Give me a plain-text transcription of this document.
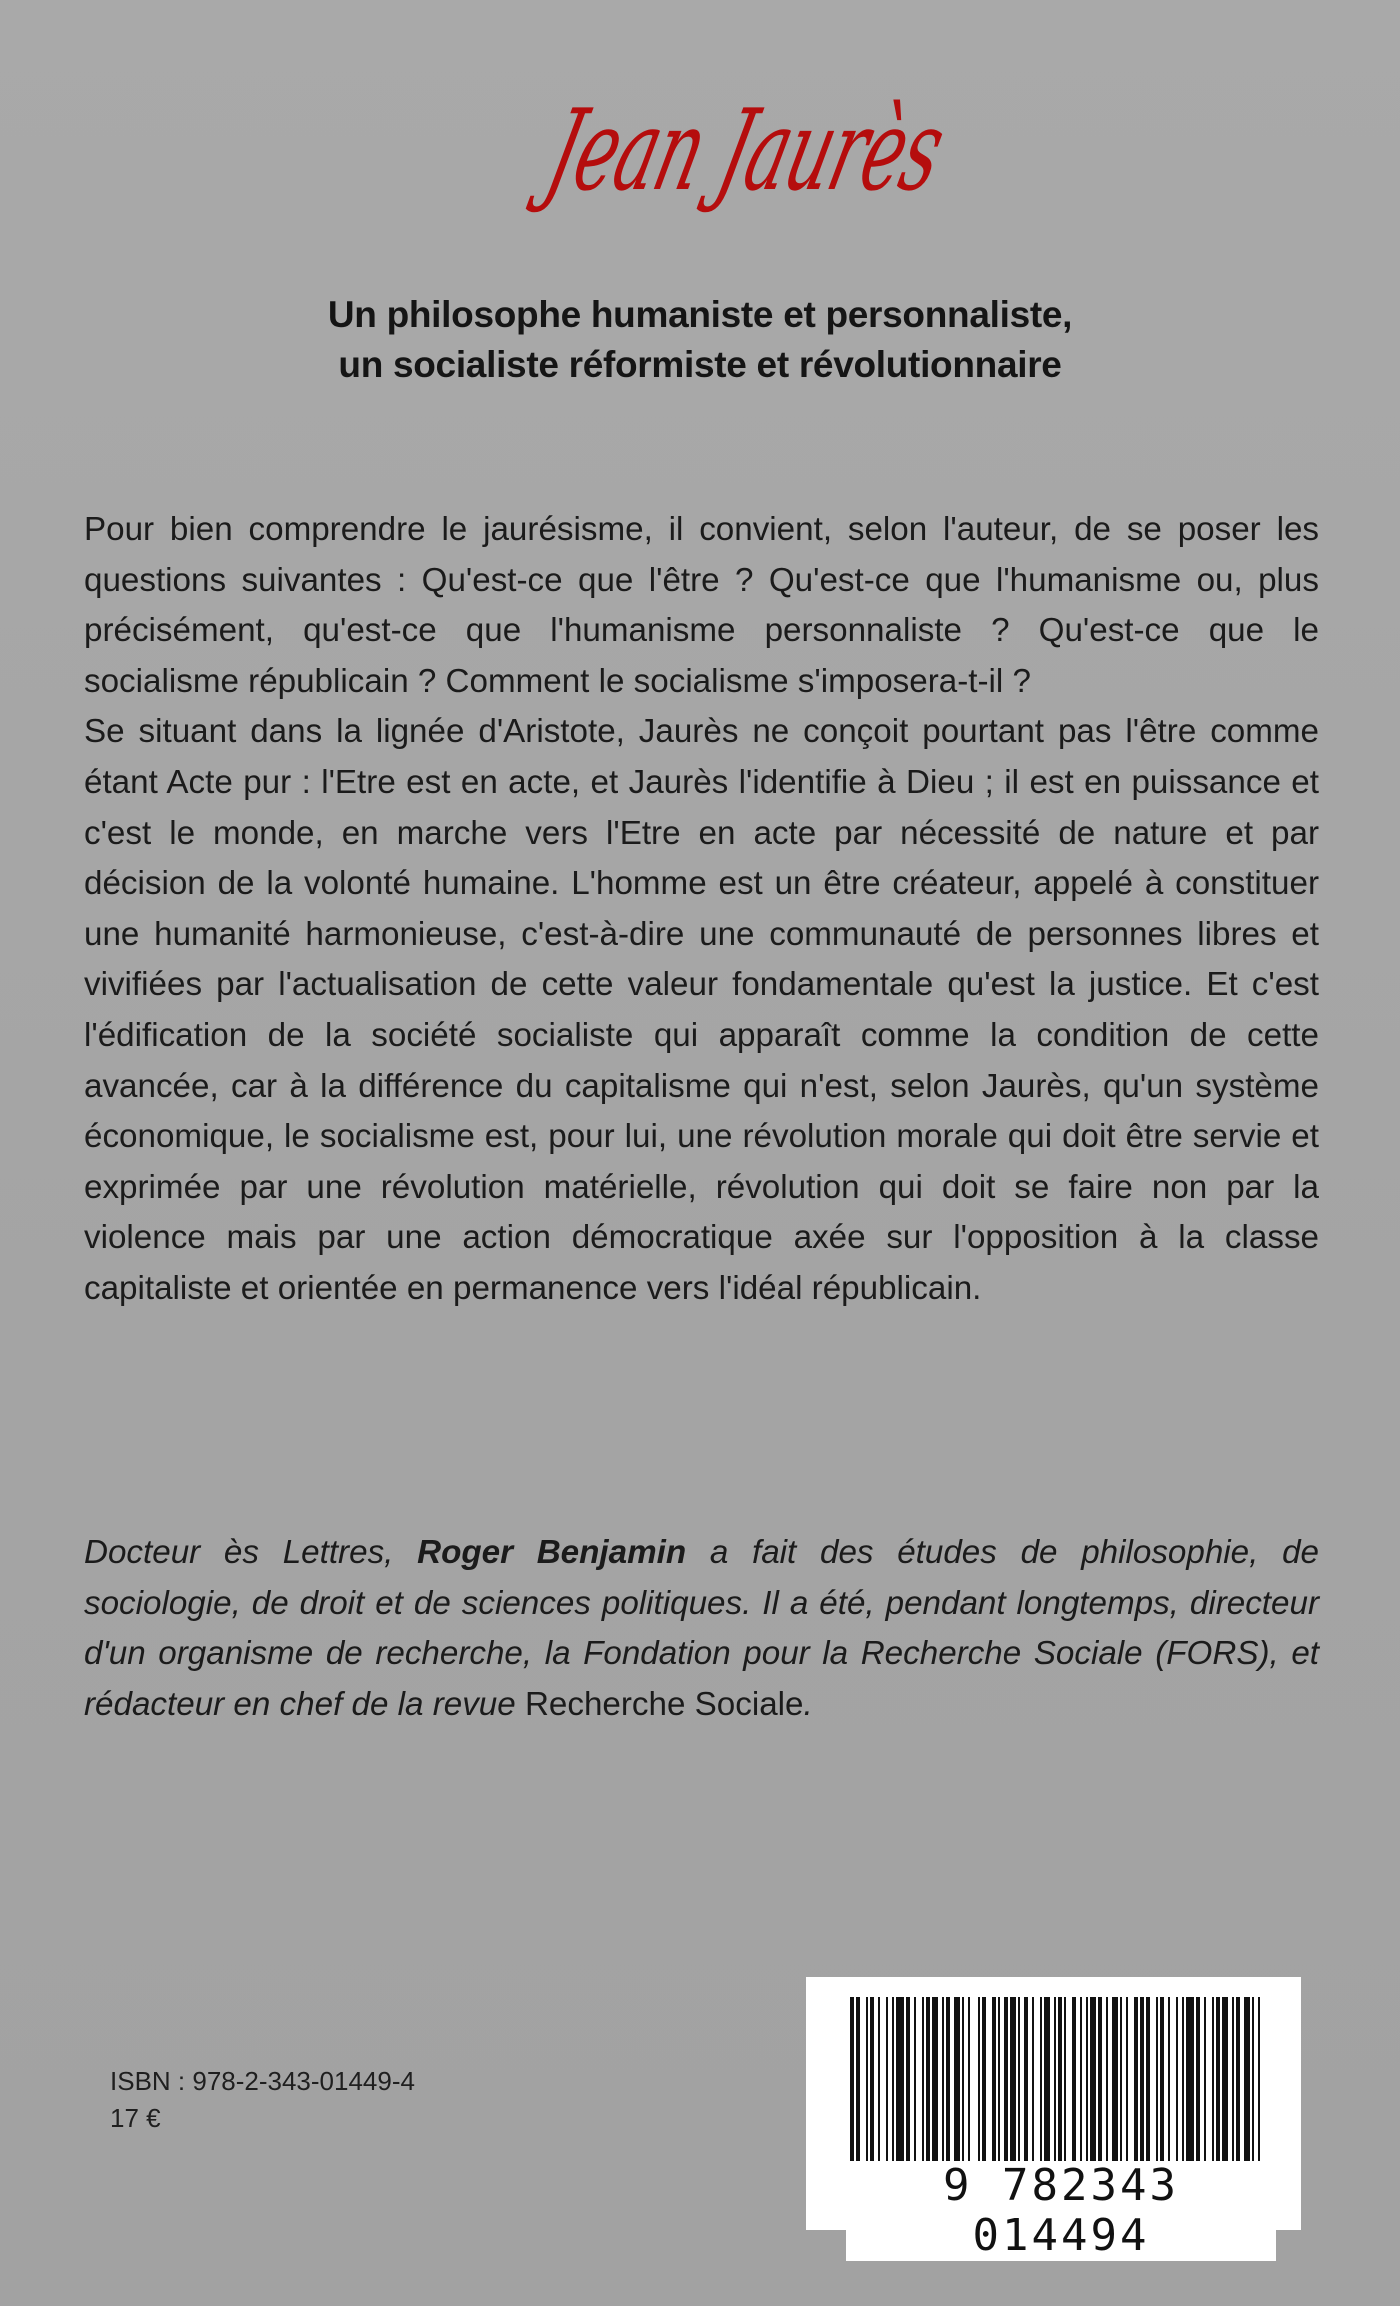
Jean Jaurès
Un philosophe humaniste et personnaliste,
un socialiste réformiste et révolutionnaire

Pour bien comprendre le jaurésisme, il convient, selon l'auteur, de se poser les questions suivantes : Qu'est-ce que l'être ? Qu'est-ce que l'humanisme ou, plus précisément, qu'est-ce que l'humanisme personnaliste ? Qu'est-ce que le socialisme républicain ? Comment le socialisme s'imposera-t-il ?

Se situant dans la lignée d'Aristote, Jaurès ne conçoit pourtant pas l'être comme étant Acte pur : l'Etre est en acte, et Jaurès l'identifie à Dieu ; il est en puissance et c'est le monde, en marche vers l'Etre en acte par nécessité de nature et par décision de la volonté humaine. L'homme est un être créateur, appelé à constituer une humanité harmonieuse, c'est-à-dire une communauté de personnes libres et vivifiées par l'actualisation de cette valeur fondamentale qu'est la justice. Et c'est l'édification de la société socialiste qui apparaît comme la condition de cette avancée, car à la différence du capitalisme qui n'est, selon Jaurès, qu'un système économique, le socialisme est, pour lui, une révolution morale qui doit être servie et exprimée par une révolution matérielle, révolution qui doit se faire non par la violence mais par une action démocratique axée sur l'opposition à la classe capitaliste et orientée en permanence vers l'idéal républicain.

Docteur ès Lettres, Roger Benjamin a fait des études de philosophie, de sociologie, de droit et de sciences politiques. Il a été, pendant longtemps, directeur d'un organisme de recherche, la Fondation pour la Recherche Sociale (FORS), et rédacteur en chef de la revue Recherche Sociale.

ISBN : 978-2-343-01449-4
17 €
9 782343 014494
